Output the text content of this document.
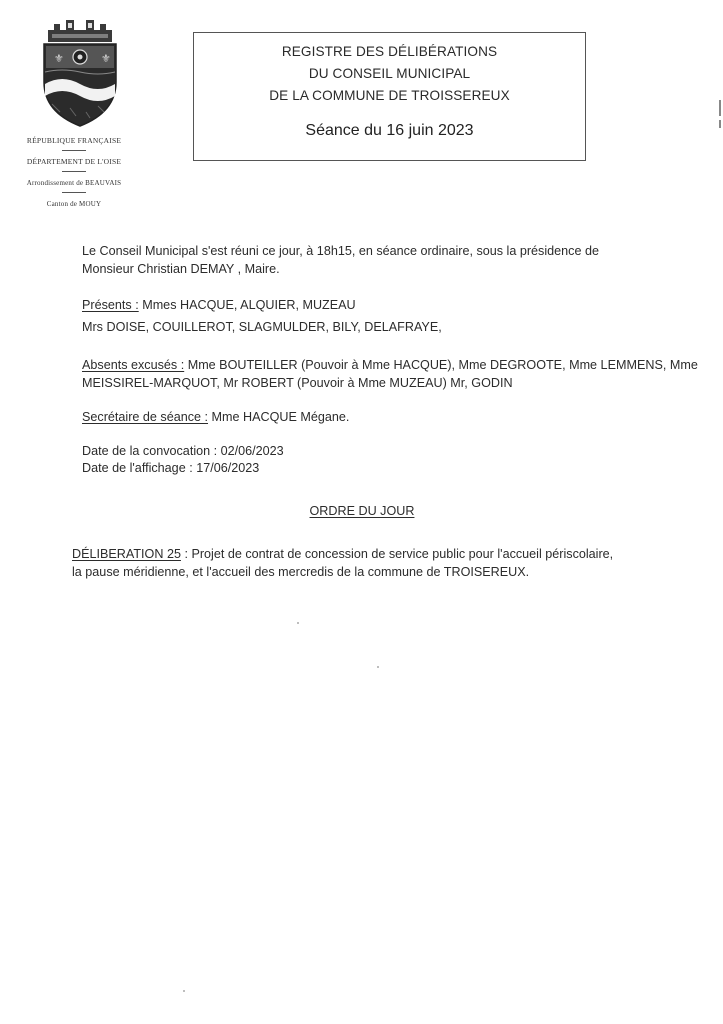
⚜	⚜
RÉPUBLIQUE FRANÇAISE
DÉPARTEMENT DE L'OISE
Arrondissement de BEAUVAIS
Canton de MOUY
REGISTRE DES DÉLIBÉRATIONS
DU CONSEIL MUNICIPAL
DE LA COMMUNE DE TROISSEREUX
Séance du 16 juin 2023
Le Conseil Municipal s'est réuni ce jour, à 18h15, en séance ordinaire, sous la présidence de
Monsieur Christian DEMAY , Maire.
Présents : Mmes HACQUE, ALQUIER, MUZEAU
Mrs DOISE, COUILLEROT, SLAGMULDER, BILY, DELAFRAYE,
Absents excusés : Mme BOUTEILLER (Pouvoir à Mme HACQUE), Mme DEGROOTE, Mme LEMMENS, Mme
MEISSIREL-MARQUOT, Mr ROBERT (Pouvoir à Mme MUZEAU) Mr, GODIN
Secrétaire de séance : Mme HACQUE Mégane.
Date de la convocation : 02/06/2023
Date de l'affichage : 17/06/2023
ORDRE DU JOUR
DÉLIBERATION 25 : Projet de contrat de concession de service public pour l'accueil périscolaire,
la pause méridienne, et l'accueil des mercredis de la commune de TROISEREUX.
